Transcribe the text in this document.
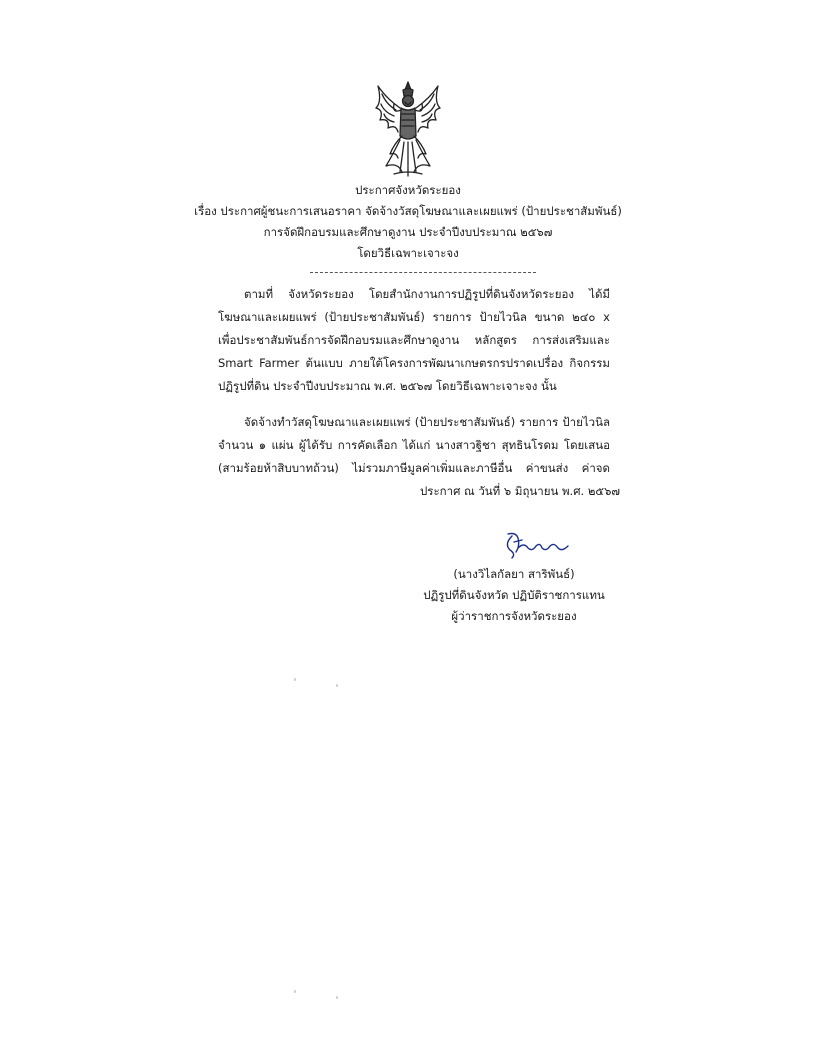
ประกาศจังหวัดระยอง
เรื่อง ประกาศผู้ชนะการเสนอราคา จัดจ้างวัสดุโฆษณาและเผยแพร่ (ป้ายประชาสัมพันธ์)
การจัดฝึกอบรมและศึกษาดูงาน ประจำปีงบประมาณ ๒๕๖๗
โดยวิธีเฉพาะเจาะจง
ตามที่ จังหวัดระยอง โดยสำนักงานการปฏิรูปที่ดินจังหวัดระยอง ได้มี
โฆษณาและเผยแพร่ (ป้ายประชาสัมพันธ์) รายการ ป้ายไวนิล ขนาด ๒๔๐ x
เพื่อประชาสัมพันธ์การจัดฝึกอบรมและศึกษาดูงาน หลักสูตร การส่งเสริมและ
Smart Farmer ต้นแบบ ภายใต้โครงการพัฒนาเกษตรกรปราดเปรื่อง กิจกรรม
ปฏิรูปที่ดิน ประจำปีงบประมาณ พ.ศ. ๒๕๖๗ โดยวิธีเฉพาะเจาะจง นั้น
จัดจ้างทำวัสดุโฆษณาและเผยแพร่ (ป้ายประชาสัมพันธ์) รายการ ป้ายไวนิล
จำนวน ๑ แผ่น ผู้ได้รับ การคัดเลือก ได้แก่ นางสาวฐิชา สุทธินโรดม โดยเสนอ
(สามร้อยห้าสิบบาทถ้วน) ไม่รวมภาษีมูลค่าเพิ่มและภาษีอื่น ค่าขนส่ง ค่าจด
ประกาศ ณ วันที่ ๖ มิถุนายน พ.ศ. ๒๕๖๗
(นางวิไลกัลยา สาริพันธ์)
ปฏิรูปที่ดินจังหวัด ปฏิบัติราชการแทน
ผู้ว่าราชการจังหวัดระยอง
